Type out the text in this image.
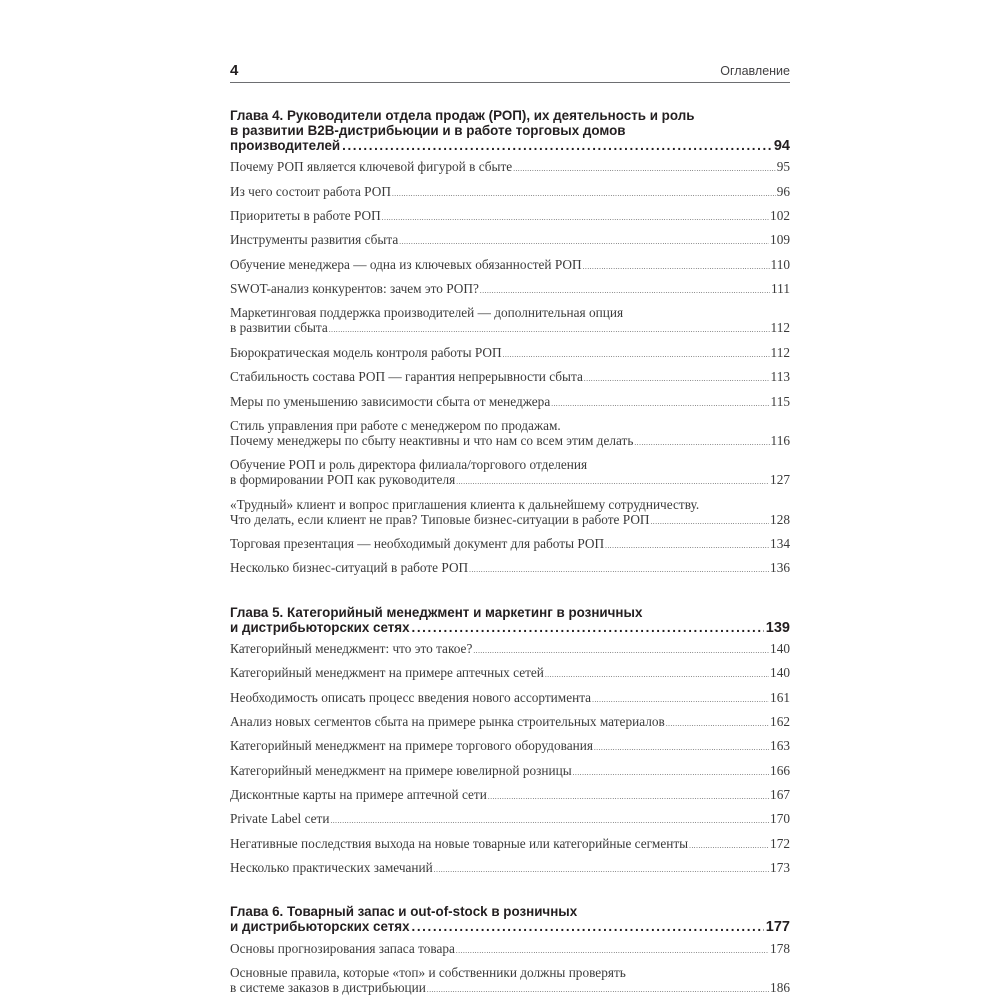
4	Оглавление
Глава 4. Руководители отдела продаж (РОП), их деятельность и роль
в развитии B2B-дистрибьюции и в работе торговых домов
производителей .....	94
Почему РОП является ключевой фигурой в сбыте .....	95
Из чего состоит работа РОП .....	96
Приоритеты в работе РОП .....	102
Инструменты развития сбыта .....	109
Обучение менеджера — одна из ключевых обязанностей РОП .....	110
SWOT-анализ конкурентов: зачем это РОП? .....	111
Маркетинговая поддержка производителей — дополнительная опция
в развитии сбыта .....	112
Бюрократическая модель контроля работы РОП .....	112
Стабильность состава РОП — гарантия непрерывности сбыта .....	113
Меры по уменьшению зависимости сбыта от менеджера .....	115
Стиль управления при работе с менеджером по продажам.
Почему менеджеры по сбыту неактивны и что нам со всем этим делать .....	116
Обучение РОП и роль директора филиала/торгового отделения
в формировании РОП как руководителя .....	127
«Трудный» клиент и вопрос приглашения клиента к дальнейшему сотрудничеству.
Что делать, если клиент не прав? Типовые бизнес-ситуации в работе РОП .....	128
Торговая презентация — необходимый документ для работы РОП .....	134
Несколько бизнес-ситуаций в работе РОП .....	136
Глава 5. Категорийный менеджмент и маркетинг в розничных
и дистрибьюторских сетях .....	139
Категорийный менеджмент: что это такое? .....	140
Категорийный менеджмент на примере аптечных сетей .....	140
Необходимость описать процесс введения нового ассортимента .....	161
Анализ новых сегментов сбыта на примере рынка строительных материалов .....	162
Категорийный менеджмент на примере торгового оборудования .....	163
Категорийный менеджмент на примере ювелирной розницы .....	166
Дисконтные карты на примере аптечной сети .....	167
Private Label сети .....	170
Негативные последствия выхода на новые товарные или категорийные сегменты .....	172
Несколько практических замечаний .....	173
Глава 6. Товарный запас и out-of-stock в розничных
и дистрибьюторских сетях .....	177
Основы прогнозирования запаса товара .....	178
Основные правила, которые «топ» и собственники должны проверять
в системе заказов в дистрибьюции .....	186
